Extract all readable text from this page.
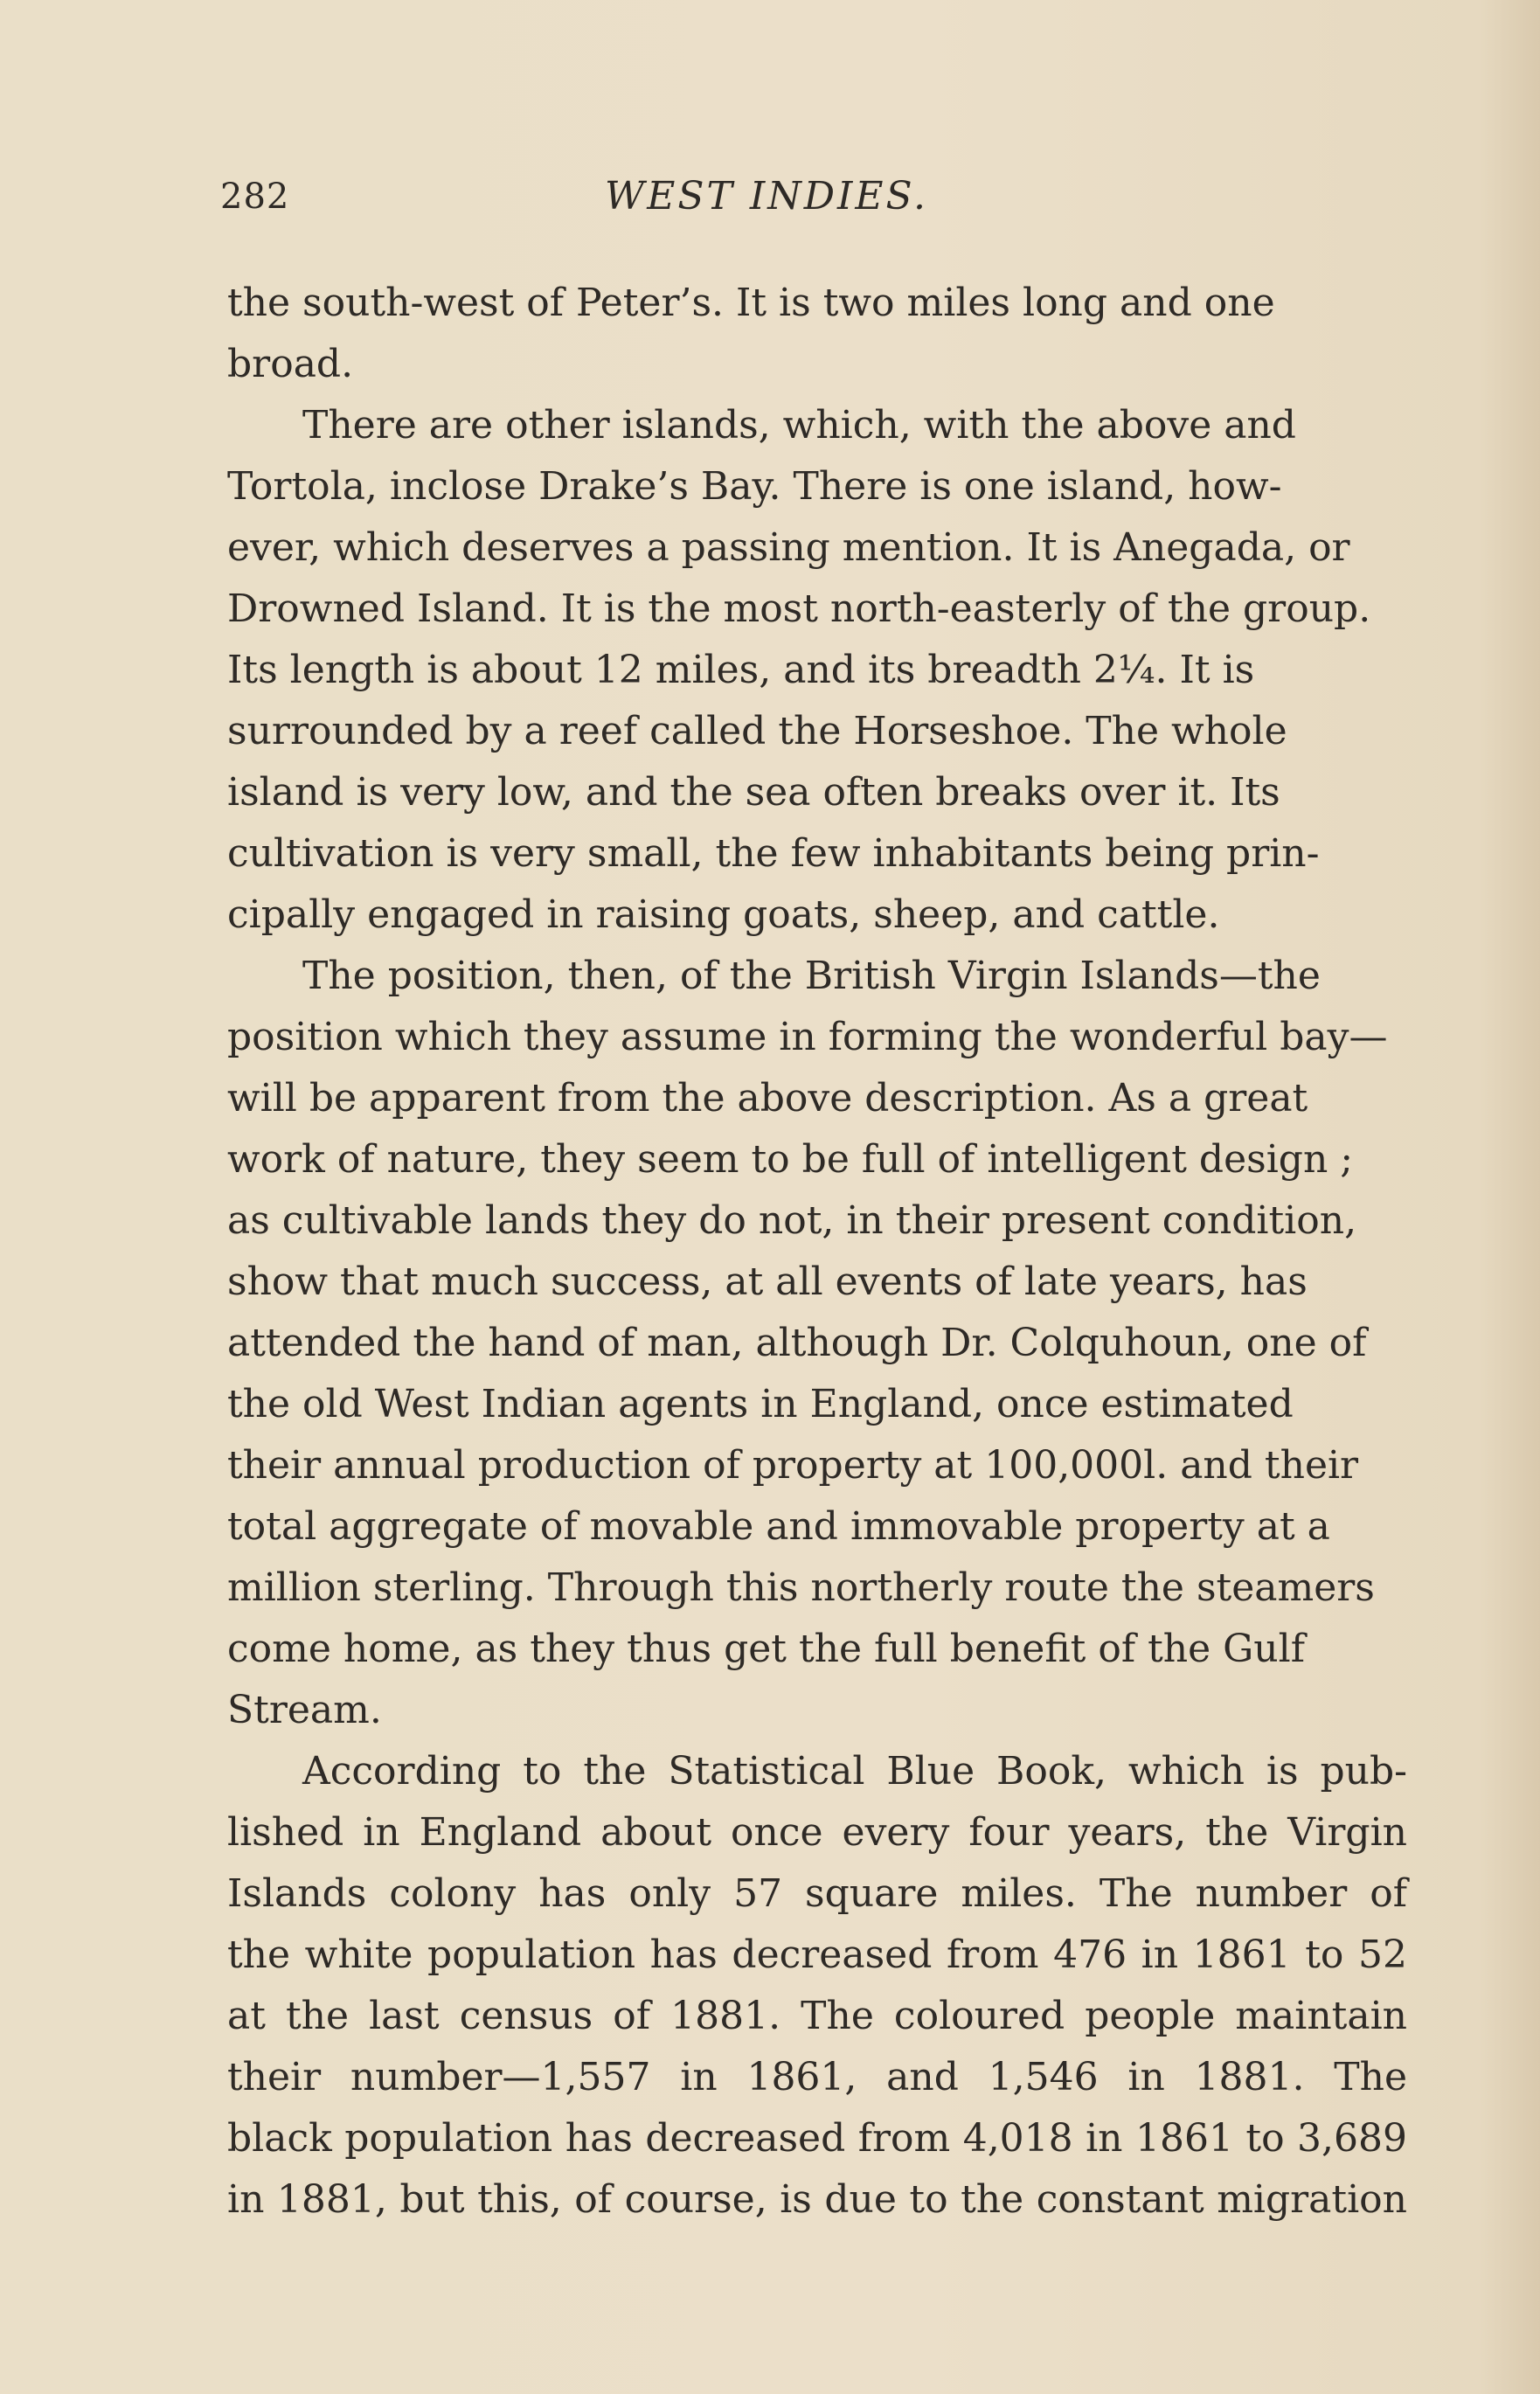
282	WEST INDIES.

the south-west of Peter’s. It is two miles long and one
broad.

There are other islands, which, with the above and
Tortola, inclose Drake’s Bay. There is one island, how-
ever, which deserves a passing mention. It is Anegada, or
Drowned Island. It is the most north-easterly of the group.
Its length is about 12 miles, and its breadth 2¼. It is
surrounded by a reef called the Horseshoe. The whole
island is very low, and the sea often breaks over it. Its
cultivation is very small, the few inhabitants being prin-
cipally engaged in raising goats, sheep, and cattle.

The position, then, of the British Virgin Islands—the
position which they assume in forming the wonderful bay—
will be apparent from the above description. As a great
work of nature, they seem to be full of intelligent design ;
as cultivable lands they do not, in their present condition,
show that much success, at all events of late years, has
attended the hand of man, although Dr. Colquhoun, one of
the old West Indian agents in England, once estimated
their annual production of property at 100,000l. and their
total aggregate of movable and immovable property at a
million sterling. Through this northerly route the steamers
come home, as they thus get the full benefit of the Gulf
Stream.

According to the Statistical Blue Book, which is pub-
lished in England about once every four years, the Virgin
Islands colony has only 57 square miles. The number of
the white population has decreased from 476 in 1861 to 52
at the last census of 1881. The coloured people maintain
their number—1,557 in 1861, and 1,546 in 1881. The
black population has decreased from 4,018 in 1861 to 3,689
in 1881, but this, of course, is due to the constant migration
